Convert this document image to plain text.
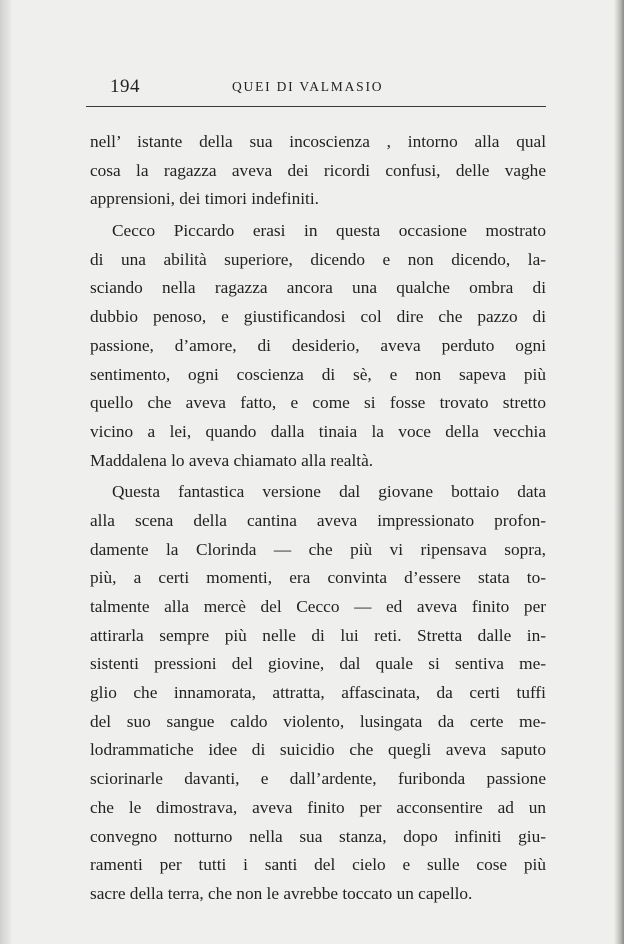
194	QUEI DI VALMASIO

nell’ istante della sua incoscienza , intorno alla qual
cosa la ragazza aveva dei ricordi confusi, delle vaghe
apprensioni, dei timori indefiniti.

Cecco Piccardo erasi in questa occasione mostrato
di una abilità superiore, dicendo e non dicendo, la-
sciando nella ragazza ancora una qualche ombra di
dubbio penoso, e giustificandosi col dire che pazzo di
passione, d’amore, di desiderio, aveva perduto ogni
sentimento, ogni coscienza di sè, e non sapeva più
quello che aveva fatto, e come si fosse trovato stretto
vicino a lei, quando dalla tinaia la voce della vecchia
Maddalena lo aveva chiamato alla realtà.

Questa fantastica versione dal giovane bottaio data
alla scena della cantina aveva impressionato profon-
damente la Clorinda — che più vi ripensava sopra,
più, a certi momenti, era convinta d’essere stata to-
talmente alla mercè del Cecco — ed aveva finito per
attirarla sempre più nelle di lui reti. Stretta dalle in-
sistenti pressioni del giovine, dal quale si sentiva me-
glio che innamorata, attratta, affascinata, da certi tuffi
del suo sangue caldo violento, lusingata da certe me-
lodrammatiche idee di suicidio che quegli aveva saputo
sciorinarle davanti, e dall’ardente, furibonda passione
che le dimostrava, aveva finito per acconsentire ad un
convegno notturno nella sua stanza, dopo infiniti giu-
ramenti per tutti i santi del cielo e sulle cose più
sacre della terra, che non le avrebbe toccato un capello.
